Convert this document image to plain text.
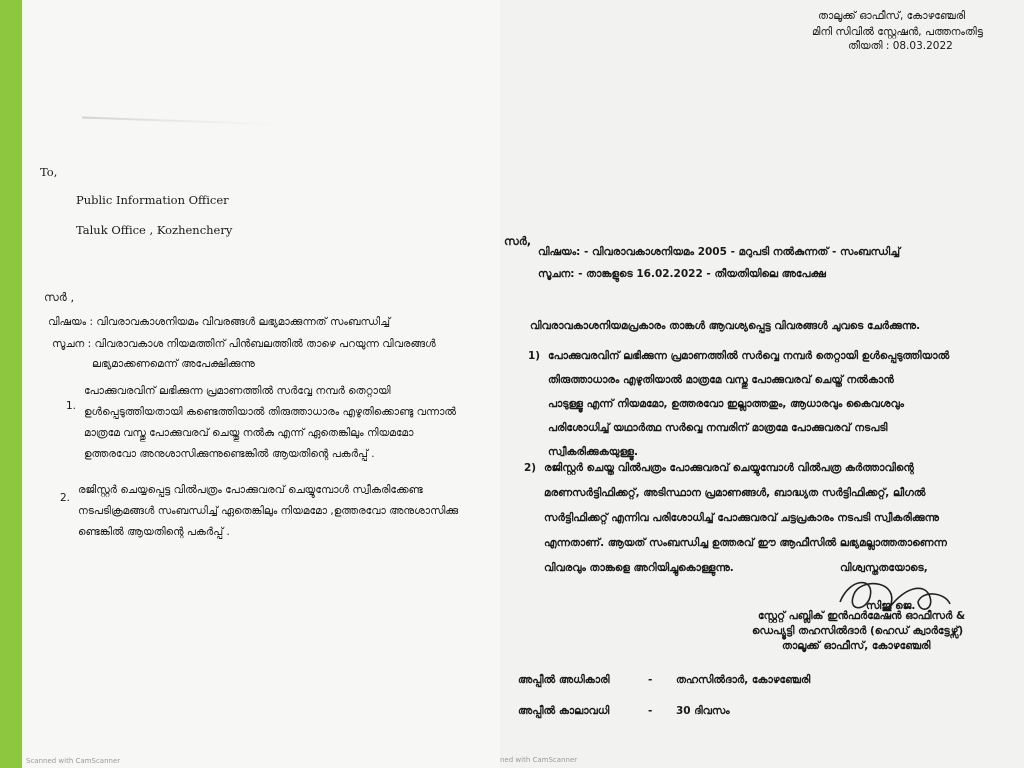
To,
Public Information Officer
Taluk Office , Kozhenchery
സർ ,
വിഷയം : വിവരാവകാശനിയമം വിവരങ്ങൾ ലഭ്യമാക്കുന്നത് സംബന്ധിച്ച്
സൂചന : വിവരാവകാശ നിയമത്തിന് പിൻബലത്തിൽ താഴെ പറയുന്ന വിവരങ്ങൾ
ലഭ്യമാക്കണമെന്ന് അപേക്ഷിക്കുന്നു
1.
പോക്കുവരവിന് ലഭിക്കുന്ന പ്രമാണത്തിൽ സർവ്വേ നമ്പർ തെറ്റായി
ഉൾപ്പെടുത്തിയതായി കണ്ടെത്തിയാൽ തിരുത്താധാരം എഴുതിക്കൊണ്ടു വന്നാൽ
മാത്രമേ വസ്തു പോക്കുവരവ് ചെയ്തു നൽകു എന്ന് ഏതെങ്കിലും നിയമമോ
ഉത്തരവോ അനുശാസിക്കുന്നുണ്ടെങ്കിൽ ആയതിന്റെ പകർപ്പ് .
2.
രജിസ്റ്റർ ചെയ്യപ്പെട്ട വിൽപത്രം പോക്കുവരവ് ചെയ്യുമ്പോൾ സ്വീകരിക്കേണ്ട
നടപടിക്രമങ്ങൾ സംബന്ധിച്ച് ഏതെങ്കിലും നിയമമോ ,ഉത്തരവോ അനുശാസിക്കു
ണ്ടെങ്കിൽ ആയതിന്റെ പകർപ്പ് .
Scanned with CamScanner
താലൂക്ക് ഓഫീസ്, കോഴഞ്ചേരി
മിനി സിവിൽ സ്റ്റേഷൻ, പത്തനംതിട്ട
തീയതി : 08.03.2022
സർ,
വിഷയം: - വിവരാവകാശനിയമം 2005 - മറുപടി നൽകുന്നത് - സംബന്ധിച്ച്
സൂചന: - താങ്കളുടെ 16.02.2022 - തീയതിയിലെ അപേക്ഷ
വിവരാവകാശനിയമപ്രകാരം താങ്കൾ ആവശ്യപ്പെട്ട വിവരങ്ങൾ ചുവടെ ചേർക്കുന്നു.
1) പോക്കുവരവിന് ലഭിക്കുന്ന പ്രമാണത്തിൽ സർവ്വെ നമ്പർ തെറ്റായി ഉൾപ്പെടുത്തിയാൽ
തിരുത്താധാരം എഴുതിയാൽ മാത്രമേ വസ്തു പോക്കുവരവ് ചെയ്ത് നൽകാൻ
പാടുള്ളൂ എന്ന് നിയമമോ, ഉത്തരവോ ഇല്ലാത്തതും, ആധാരവും കൈവശവും
പരിശോധിച്ച് യഥാർത്ഥ സർവ്വെ നമ്പരിന് മാത്രമേ പോക്കുവരവ് നടപടി
സ്വീകരിക്കുകയുള്ളൂ.
2) രജിസ്റ്റർ ചെയ്ത വിൽപത്രം പോക്കുവരവ് ചെയ്യുമ്പോൾ വിൽപത്ര കർത്താവിന്റെ
മരണസർട്ടിഫിക്കറ്റ്, അടിസ്ഥാന പ്രമാണങ്ങൾ, ബാദ്ധ്യത സർട്ടിഫിക്കറ്റ്, ലീഗൽ
സർട്ടിഫിക്കറ്റ് എന്നിവ പരിശോധിച്ച് പോക്കുവരവ് ചട്ടപ്രകാരം നടപടി സ്വീകരിക്കുന്നു
എന്നതാണ്. ആയത് സംബന്ധിച്ച ഉത്തരവ് ഈ ആഫീസിൽ ലഭ്യമല്ലാത്തതാണെന്ന
വിവരവും താങ്കളെ അറിയിച്ചുകൊള്ളുന്നു.	വിശ്വസ്തതയോടെ,
സിജു ജെ.
സ്റ്റേറ്റ് പബ്ലിക് ഇൻഫർമേഷൻ ഓഫീസർ &
ഡെപ്യൂട്ടി തഹസിൽദാർ (ഹെഡ് ക്വാർട്ടേഴ്സ്)
താലൂക്ക് ഓഫീസ്, കോഴഞ്ചേരി
അപ്പീൽ അധികാരി	- തഹസിൽദാർ, കോഴഞ്ചേരി
അപ്പീൽ കാലാവധി	- 30 ദിവസം
ned with CamScanner
